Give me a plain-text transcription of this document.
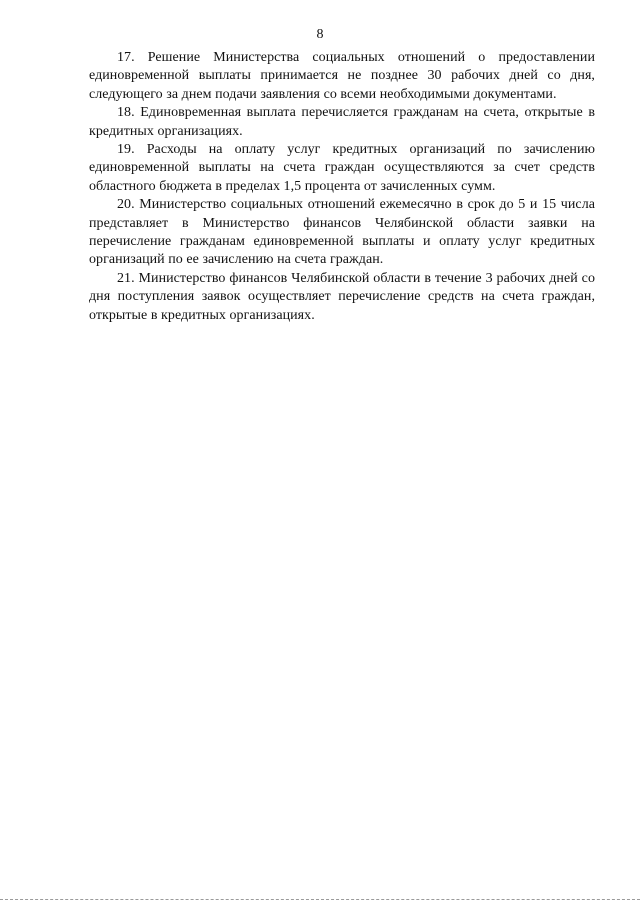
8

17. Решение Министерства социальных отношений о предоставлении единовременной выплаты принимается не позднее 30 рабочих дней со дня, следующего за днем подачи заявления со всеми необходимыми документами.

18. Единовременная выплата перечисляется гражданам на счета, открытые в кредитных организациях.

19. Расходы на оплату услуг кредитных организаций по зачислению единовременной выплаты на счета граждан осуществляются за счет средств областного бюджета в пределах 1,5 процента от зачисленных сумм.

20. Министерство социальных отношений ежемесячно в срок до 5 и 15 числа представляет в Министерство финансов Челябинской области заявки на перечисление гражданам единовременной выплаты и оплату услуг кредитных организаций по ее зачислению на счета граждан.

21. Министерство финансов Челябинской области в течение 3 рабочих дней со дня поступления заявок осуществляет перечисление средств на счета граждан, открытые в кредитных организациях.
